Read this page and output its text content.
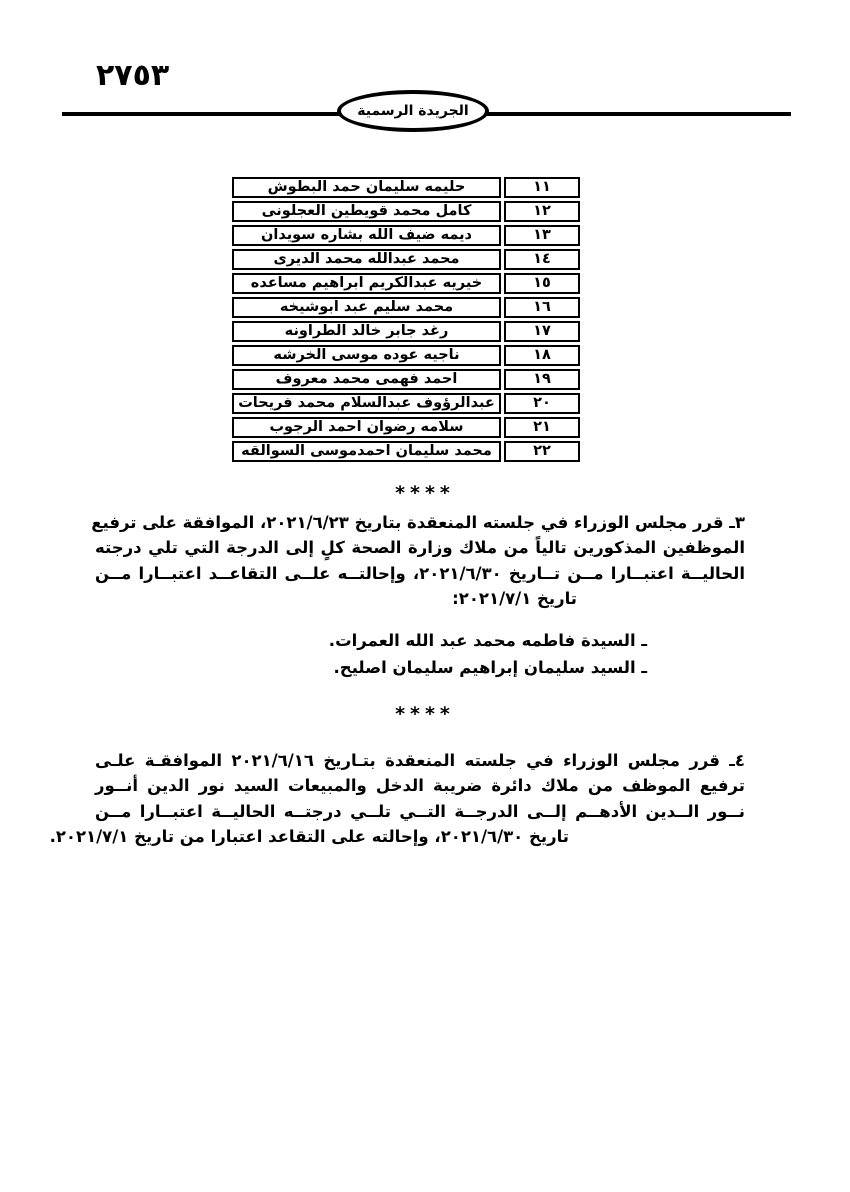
٢٧٥٣
الجريدة الرسمية
١١	حليمه سليمان حمد البطوش
١٢	كامل محمد قويطين العجلونى
١٣	ديمه ضيف الله بشاره سويدان
١٤	محمد عبدالله محمد الديرى
١٥	خيريه عبدالكريم ابراهيم مساعده
١٦	محمد سليم عبد ابوشيخه
١٧	رغد جابر خالد الطراونه
١٨	ناجيه عوده موسى الخرشه
١٩	احمد فهمى محمد معروف
٢٠	عبدالرؤوف عبدالسلام محمد فريحات
٢١	سلامه رضوان احمد الرجوب
٢٢	محمد سليمان احمدموسى السوالقه
****
٣ـ قرر مجلس الوزراء في جلسته المنعقدة بتاريخ ٢٠٢١/٦/٢٣، الموافقة على ترفيع
الموظفين المذكورين تالياً من ملاك وزارة الصحة كلٍ إلى الدرجة التي تلي درجته
الحاليــة اعتبــارا مــن تــاريخ ٢٠٢١/٦/٣٠، وإحالتــه علــى التقاعــد اعتبــارا مــن
تاريخ ٢٠٢١/٧/١:
ـ السيدة فاطمه محمد عبد الله العمرات.
ـ السيد سليمان إبراهيم سليمان اصليح.
****
٤ـ قرر مجلس الوزراء في جلسته المنعقدة بتـاريخ ٢٠٢١/٦/١٦ الموافقـة علـى
ترفيع الموظف من ملاك دائرة ضريبة الدخل والمبيعات السيد نور الدين أنــور
نــور الــدين الأدهــم إلــى الدرجــة التــي تلــي درجتــه الحاليــة اعتبــارا مــن
تاريخ ٢٠٢١/٦/٣٠، وإحالته على التقاعد اعتبارا من تاريخ ٢٠٢١/٧/١.
